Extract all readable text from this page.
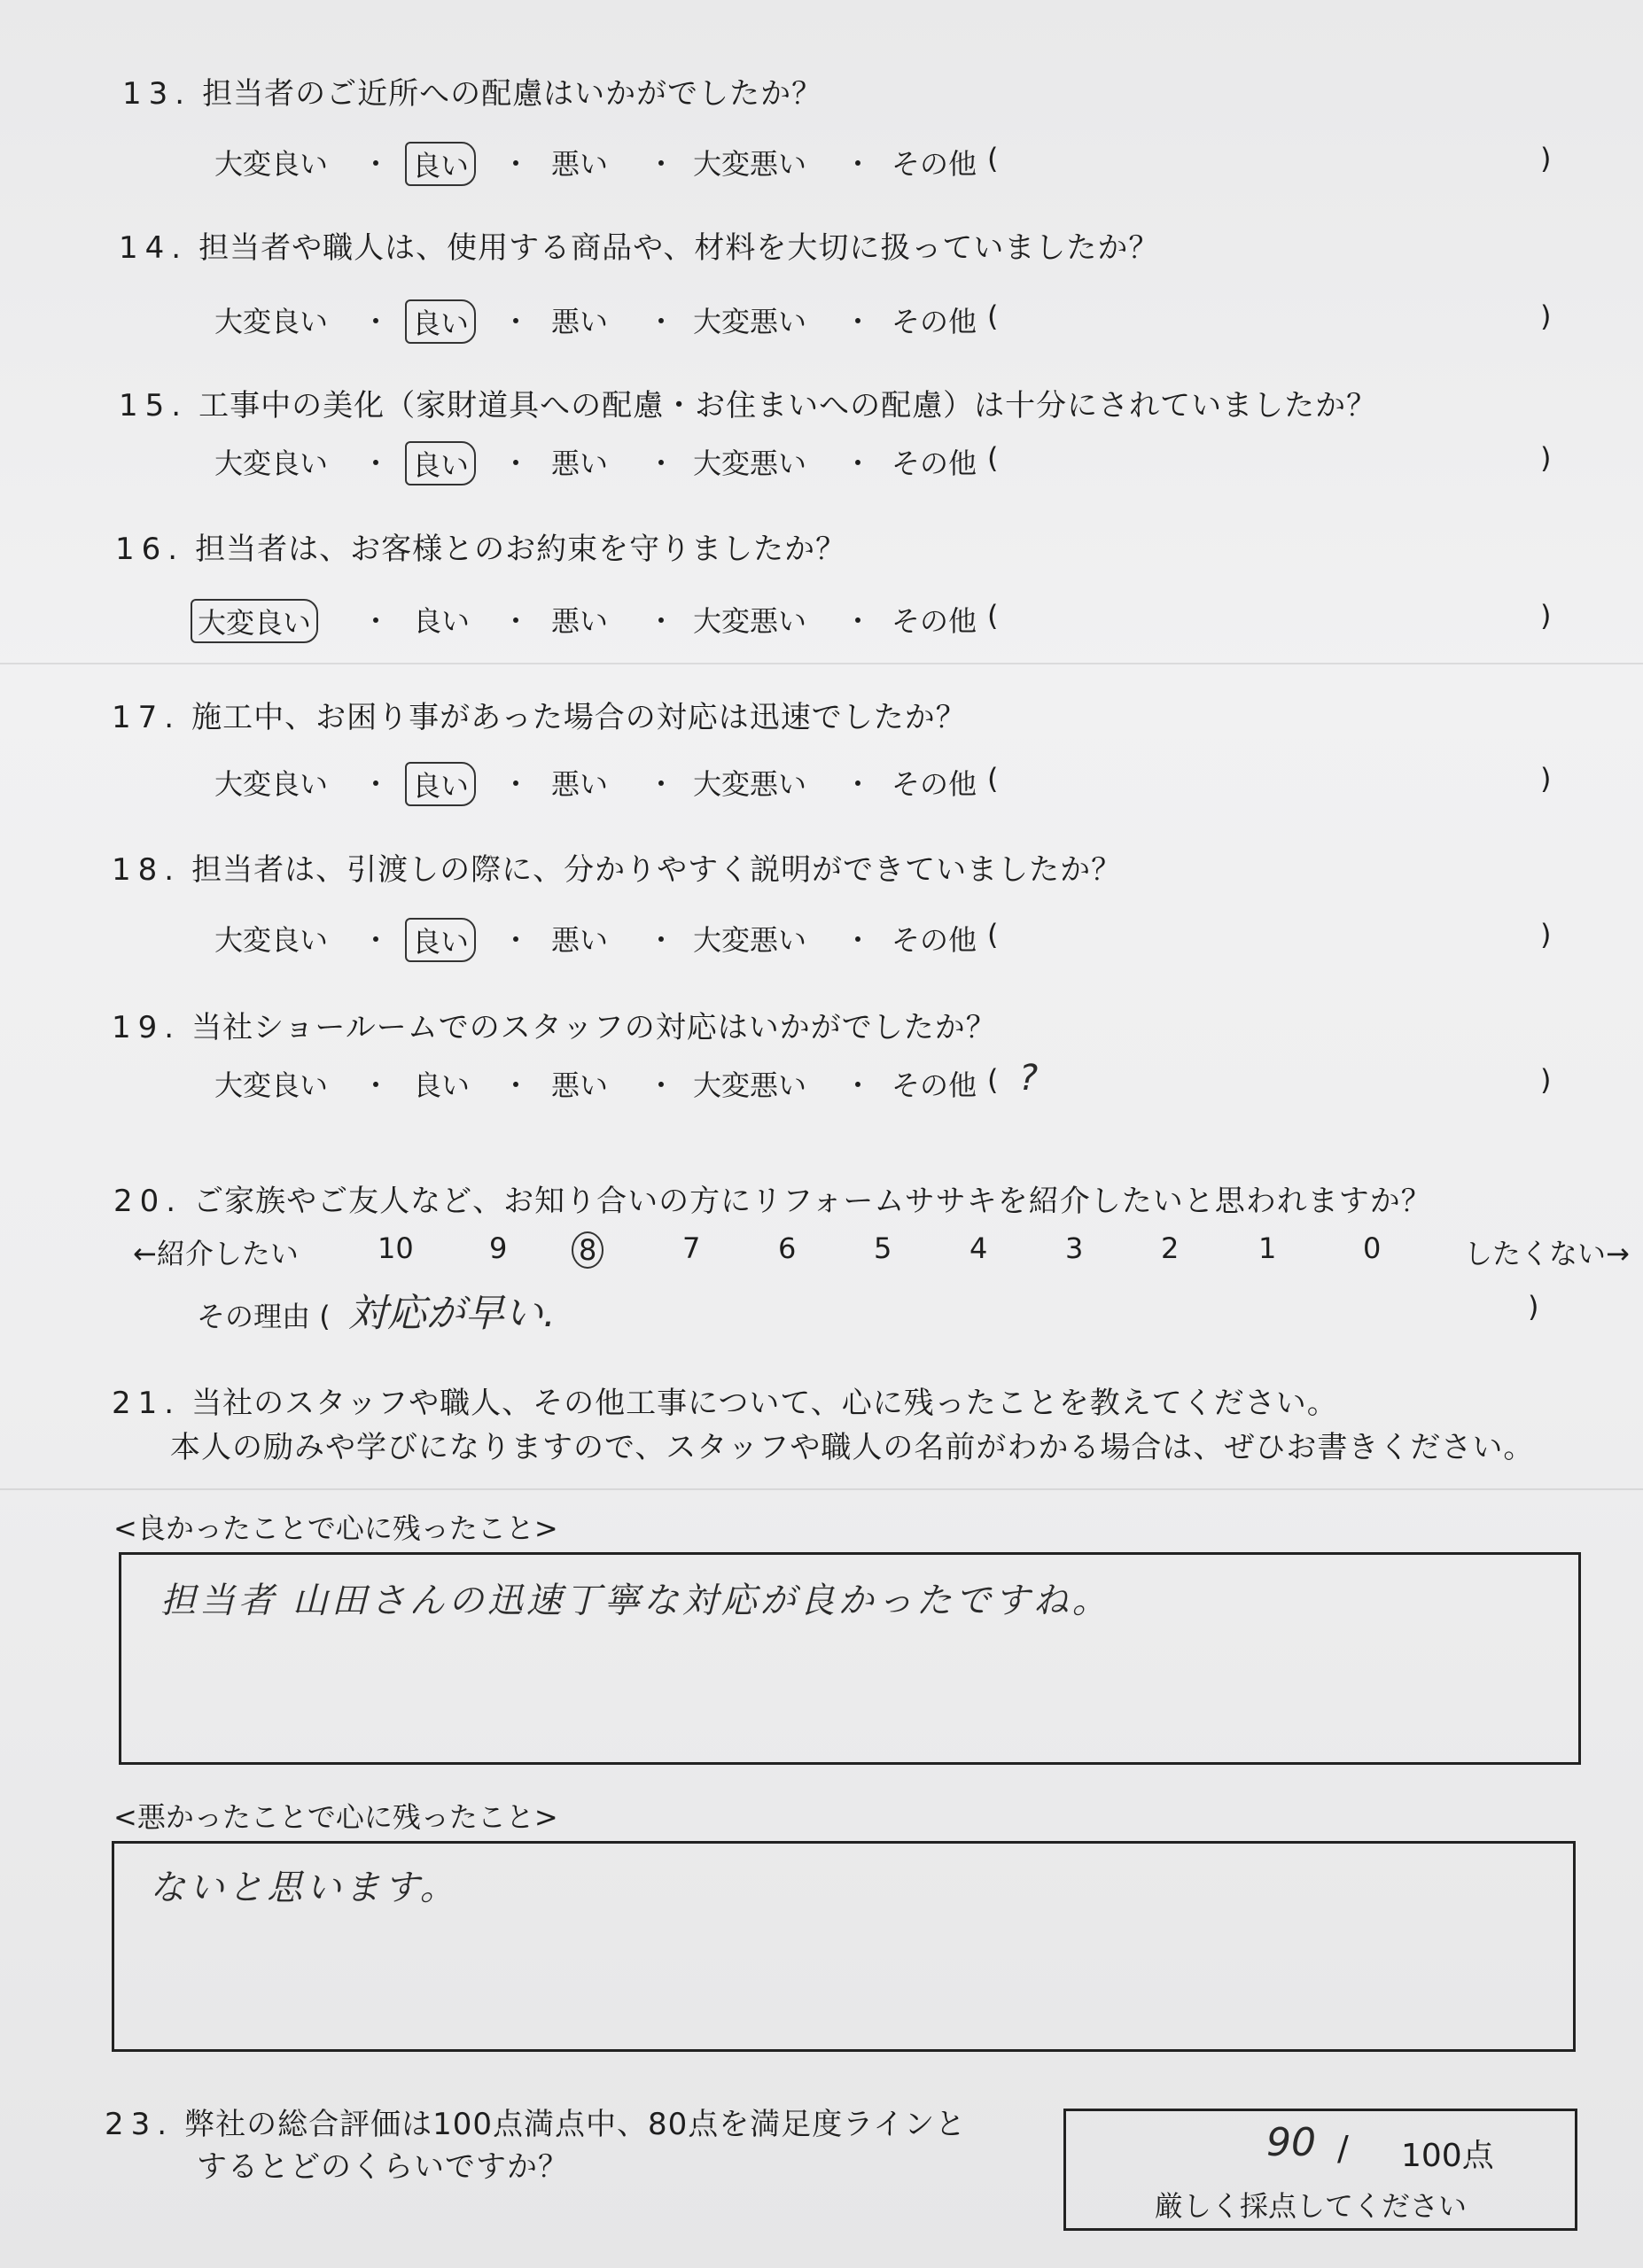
13. 担当者のご近所への配慮はいかがでしたか？
大変良い	良い	悪い	大変悪い	その他
・	・	・	・	(	)
14. 担当者や職人は、使用する商品や、材料を大切に扱っていましたか？
大変良い	良い	悪い	大変悪い	その他
・	・	・	・	(	)
15. 工事中の美化（家財道具への配慮・お住まいへの配慮）は十分にされていましたか？
大変良い	良い	悪い	大変悪い	その他
・	・	・	・	(	)
16. 担当者は、お客様とのお約束を守りましたか？
大変良い	良い	悪い	大変悪い	その他
・	・	・	・	(	)
17. 施工中、お困り事があった場合の対応は迅速でしたか？
大変良い	良い	悪い	大変悪い	その他
・	・	・	・	(	)
18. 担当者は、引渡しの際に、分かりやすく説明ができていましたか？
大変良い	良い	悪い	大変悪い	その他
・	・	・	・	(	)
19. 当社ショールームでのスタッフの対応はいかがでしたか？
大変良い	良い	悪い	大変悪い	その他
・	・	・	・	( ?	)
20. ご家族やご友人など、お知り合いの方にリフォームササキを紹介したいと思われますか？
←紹介したい	10	9	8	7	6	5	4	3	2	1	0	したくない→
その理由 ( 対応が早い.	)
21. 当社のスタッフや職人、その他工事について、心に残ったことを教えてください。
本人の励みや学びになりますので、スタッフや職人の名前がわかる場合は、ぜひお書きください。
<良かったことで心に残ったこと>
担当者 山田さんの迅速丁寧な対応が良かったですね。
<悪かったことで心に残ったこと>
ないと思います。
23. 弊社の総合評価は100点満点中、80点を満足度ラインと
するとどのくらいですか？
90 / 100点
厳しく採点してください
